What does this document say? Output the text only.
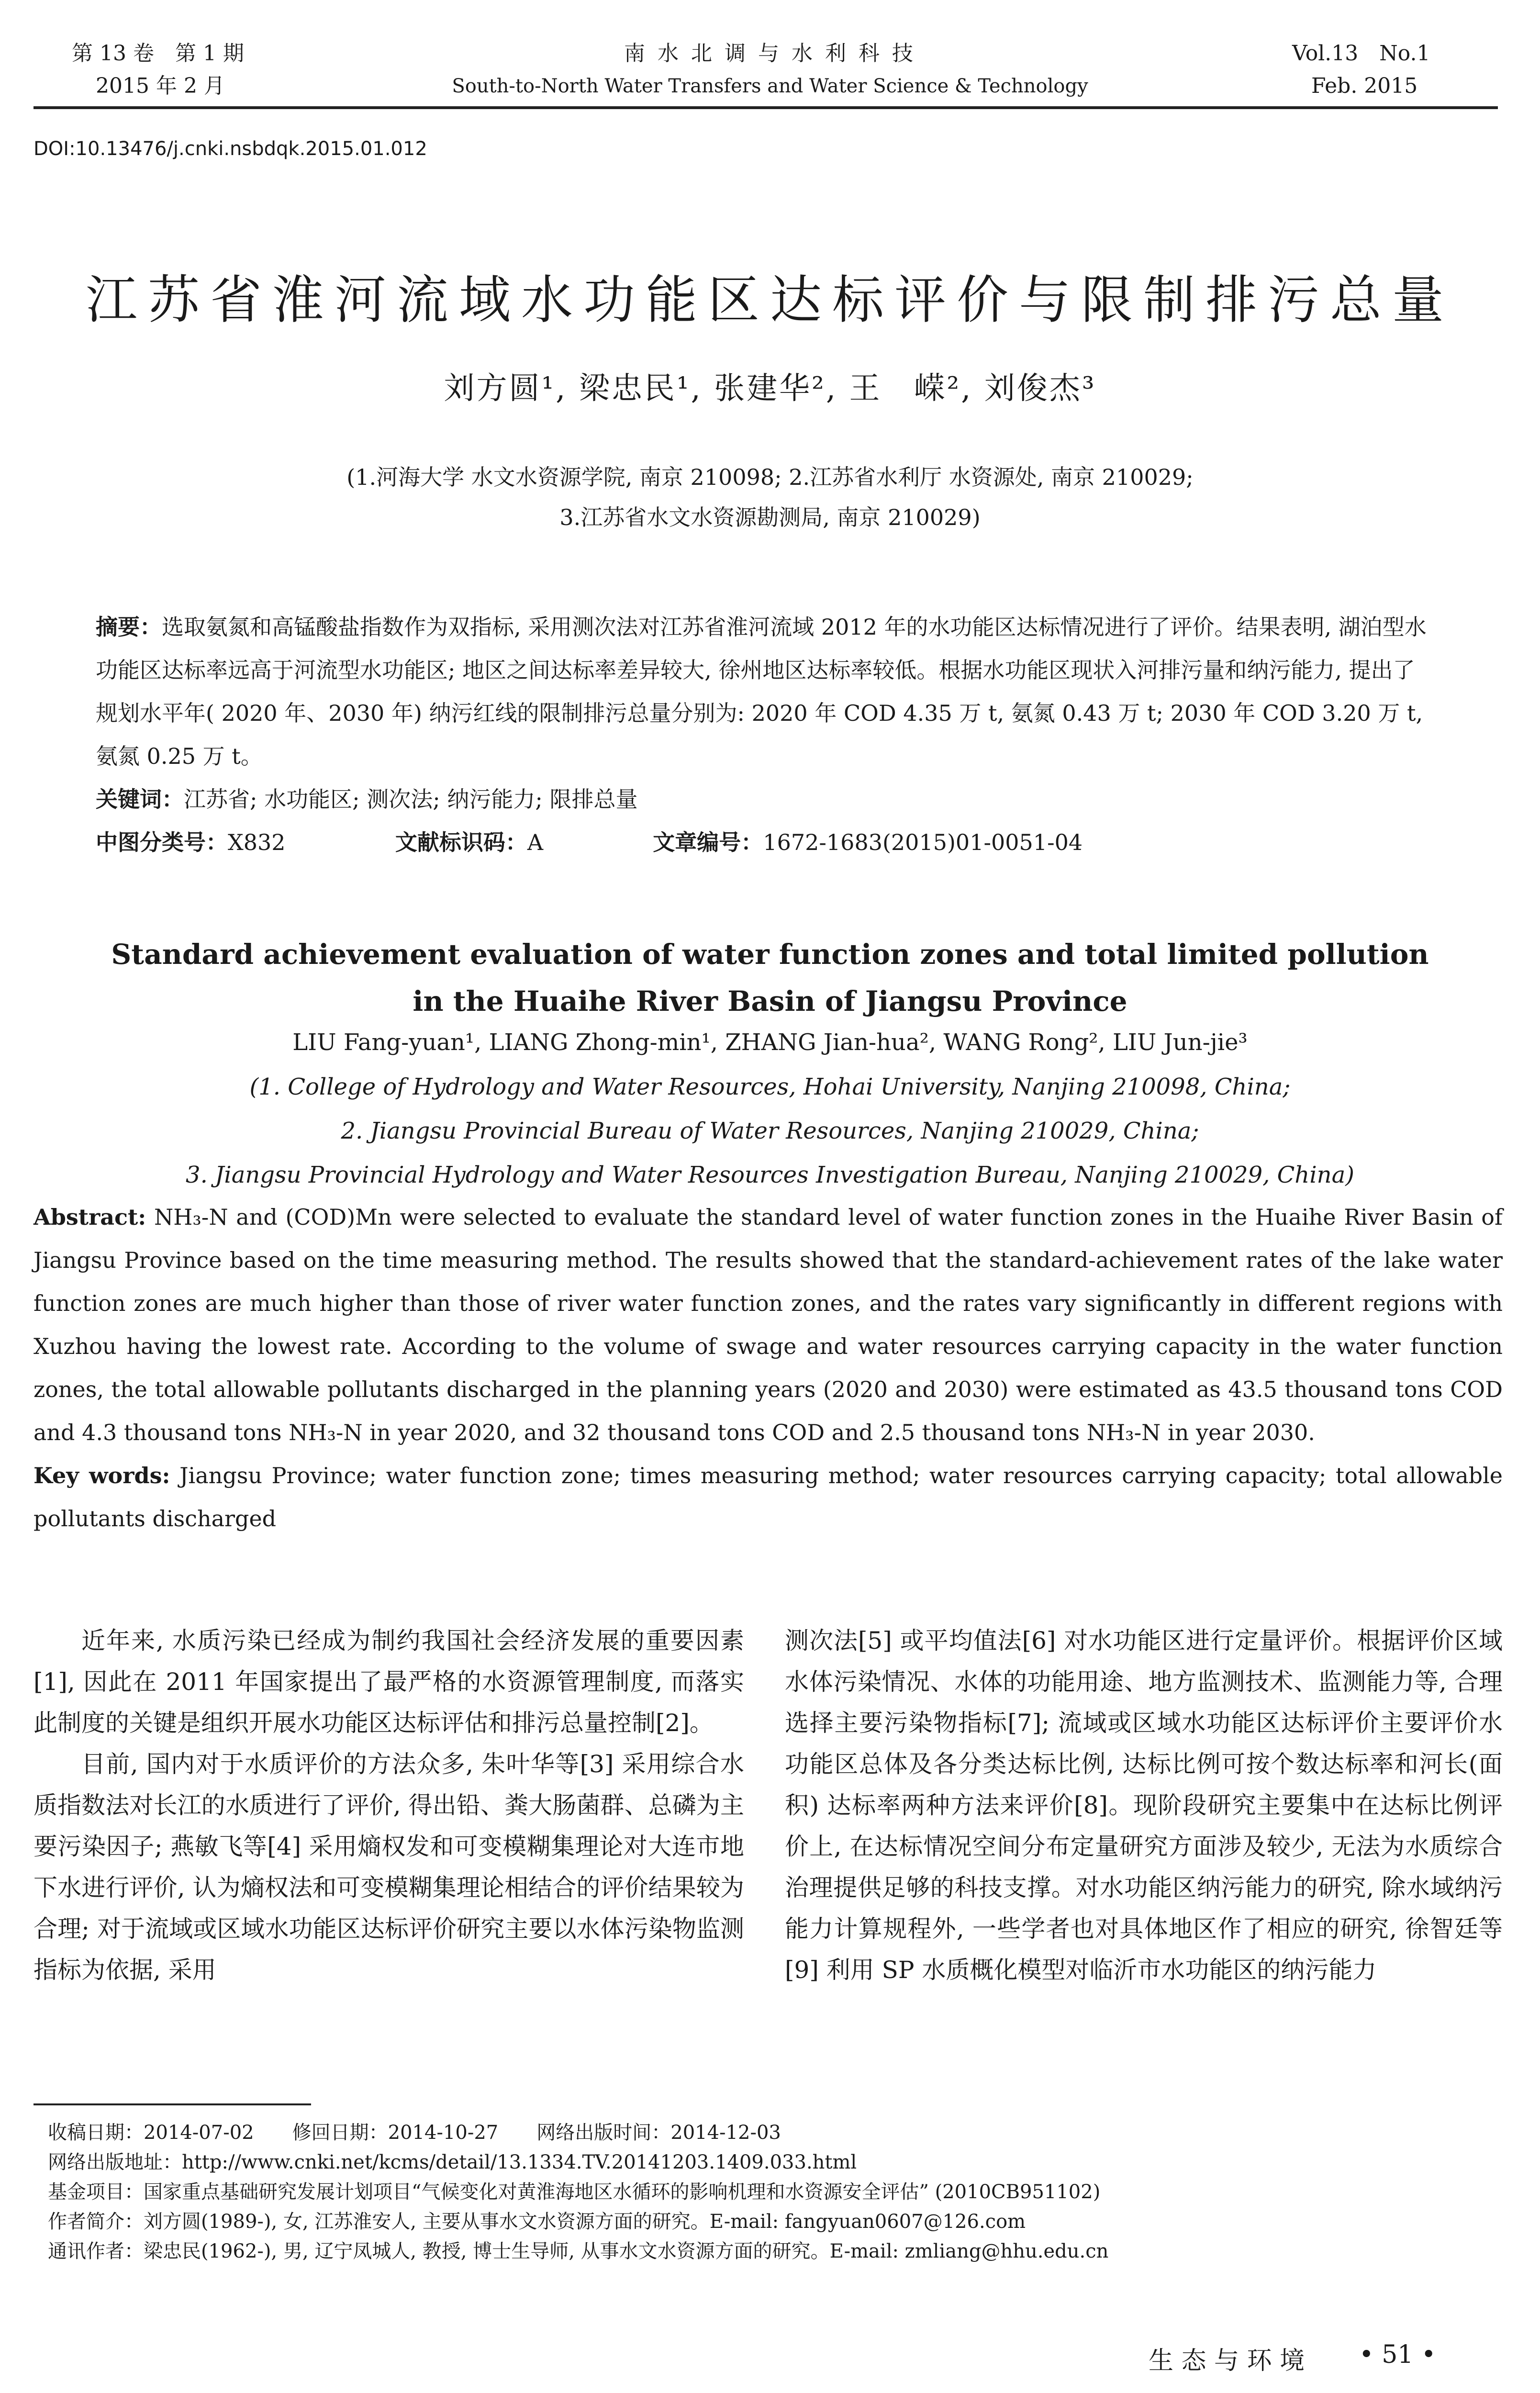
第 13 卷　第 1 期
2015 年 2 月
南 水 北 调 与 水 利 科 技
South-to-North Water Transfers and Water Science & Technology
Vol.13　No.1
Feb. 2015
DOI:10.13476/j.cnki.nsbdqk.2015.01.012
江苏省淮河流域水功能区达标评价与限制排污总量
刘方圆¹, 梁忠民¹, 张建华², 王　嵘², 刘俊杰³
(1.河海大学 水文水资源学院, 南京 210098; 2.江苏省水利厅 水资源处, 南京 210029;
3.江苏省水文水资源勘测局, 南京 210029)
摘要：选取氨氮和高锰酸盐指数作为双指标, 采用测次法对江苏省淮河流域 2012 年的水功能区达标情况进行了评价。结果表明, 湖泊型水功能区达标率远高于河流型水功能区; 地区之间达标率差异较大, 徐州地区达标率较低。根据水功能区现状入河排污量和纳污能力, 提出了规划水平年( 2020 年、2030 年) 纳污红线的限制排污总量分别为: 2020 年 COD 4.35 万 t, 氨氮 0.43 万 t; 2030 年 COD 3.20 万 t, 氨氮 0.25 万 t。
关键词：江苏省; 水功能区; 测次法; 纳污能力; 限排总量
中图分类号：X832	文献标识码：A	文章编号：1672-1683(2015)01-0051-04
Standard achievement evaluation of water function zones and total limited pollution
in the Huaihe River Basin of Jiangsu Province
LIU Fang-yuan¹, LIANG Zhong-min¹, ZHANG Jian-hua², WANG Rong², LIU Jun-jie³
(1. College of Hydrology and Water Resources, Hohai University, Nanjing 210098, China;
2. Jiangsu Provincial Bureau of Water Resources, Nanjing 210029, China;
3. Jiangsu Provincial Hydrology and Water Resources Investigation Bureau, Nanjing 210029, China)
Abstract: NH₃-N and (COD)Mn were selected to evaluate the standard level of water function zones in the Huaihe River Basin of Jiangsu Province based on the time measuring method. The results showed that the standard-achievement rates of the lake water function zones are much higher than those of river water function zones, and the rates vary significantly in different regions with Xuzhou having the lowest rate. According to the volume of swage and water resources carrying capacity in the water function zones, the total allowable pollutants discharged in the planning years (2020 and 2030) were estimated as 43.5 thousand tons COD and 4.3 thousand tons NH₃-N in year 2020, and 32 thousand tons COD and 2.5 thousand tons NH₃-N in year 2030.
Key words: Jiangsu Province; water function zone; times measuring method; water resources carrying capacity; total allowable pollutants discharged

近年来, 水质污染已经成为制约我国社会经济发展的重要因素[1], 因此在 2011 年国家提出了最严格的水资源管理制度, 而落实此制度的关键是组织开展水功能区达标评估和排污总量控制[2]。

目前, 国内对于水质评价的方法众多, 朱叶华等[3] 采用综合水质指数法对长江的水质进行了评价, 得出铅、粪大肠菌群、总磷为主要污染因子; 燕敏飞等[4] 采用熵权发和可变模糊集理论对大连市地下水进行评价, 认为熵权法和可变模糊集理论相结合的评价结果较为合理; 对于流域或区域水功能区达标评价研究主要以水体污染物监测指标为依据, 采用

测次法[5] 或平均值法[6] 对水功能区进行定量评价。根据评价区域水体污染情况、水体的功能用途、地方监测技术、监测能力等, 合理选择主要污染物指标[7]; 流域或区域水功能区达标评价主要评价水功能区总体及各分类达标比例, 达标比例可按个数达标率和河长(面积) 达标率两种方法来评价[8]。现阶段研究主要集中在达标比例评价上, 在达标情况空间分布定量研究方面涉及较少, 无法为水质综合治理提供足够的科技支撑。对水功能区纳污能力的研究, 除水域纳污能力计算规程外, 一些学者也对具体地区作了相应的研究, 徐智廷等[9] 利用 SP 水质概化模型对临沂市水功能区的纳污能力

收稿日期：2014-07-02　　修回日期：2014-10-27　　网络出版时间：2014-12-03
网络出版地址：http://www.cnki.net/kcms/detail/13.1334.TV.20141203.1409.033.html
基金项目：国家重点基础研究发展计划项目“气候变化对黄淮海地区水循环的影响机理和水资源安全评估” (2010CB951102)
作者简介：刘方圆(1989-), 女, 江苏淮安人, 主要从事水文水资源方面的研究。E-mail: fangyuan0607@126.com
通讯作者：梁忠民(1962-), 男, 辽宁凤城人, 教授, 博士生导师, 从事水文水资源方面的研究。E-mail: zmliang@hhu.edu.cn
生 态 与 环 境 • 51 •
